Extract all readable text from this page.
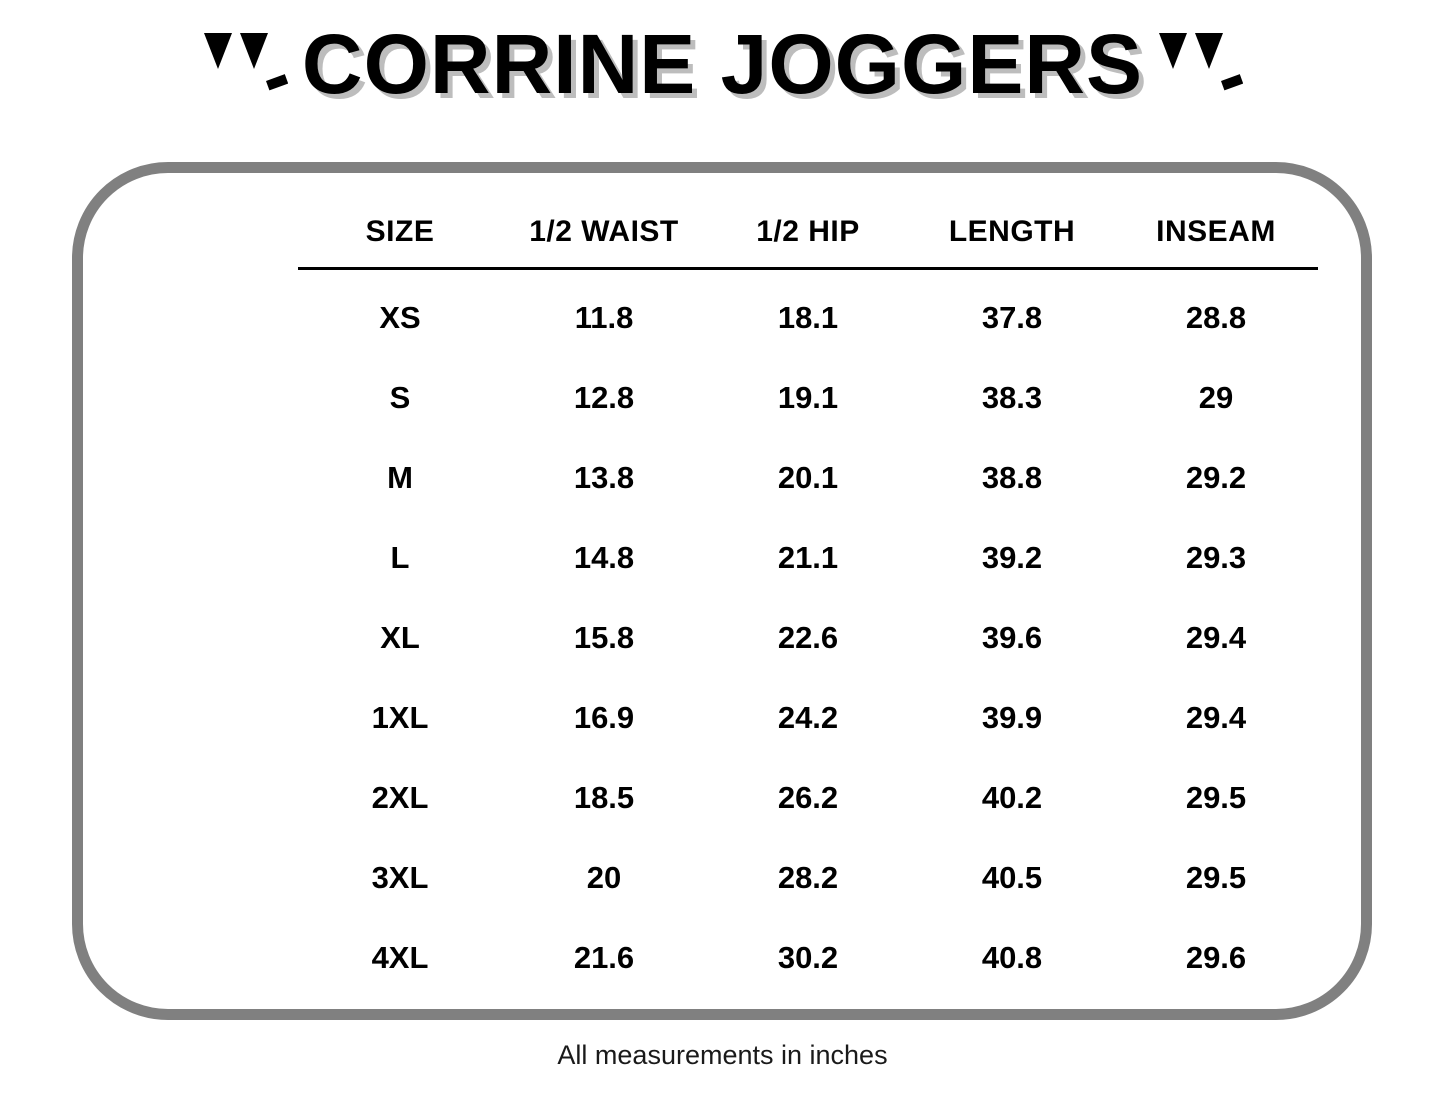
CORRINE JOGGERS
SIZE	1/2 WAIST	1/2 HIP	LENGTH	INSEAM

XS	11.8	18.1	37.8	28.8
S	12.8	19.1	38.3	29
M	13.8	20.1	38.8	29.2
L	14.8	21.1	39.2	29.3
XL	15.8	22.6	39.6	29.4
1XL	16.9	24.2	39.9	29.4
2XL	18.5	26.2	40.2	29.5
3XL	20	28.2	40.5	29.5
4XL	21.6	30.2	40.8	29.6
All measurements in inches
